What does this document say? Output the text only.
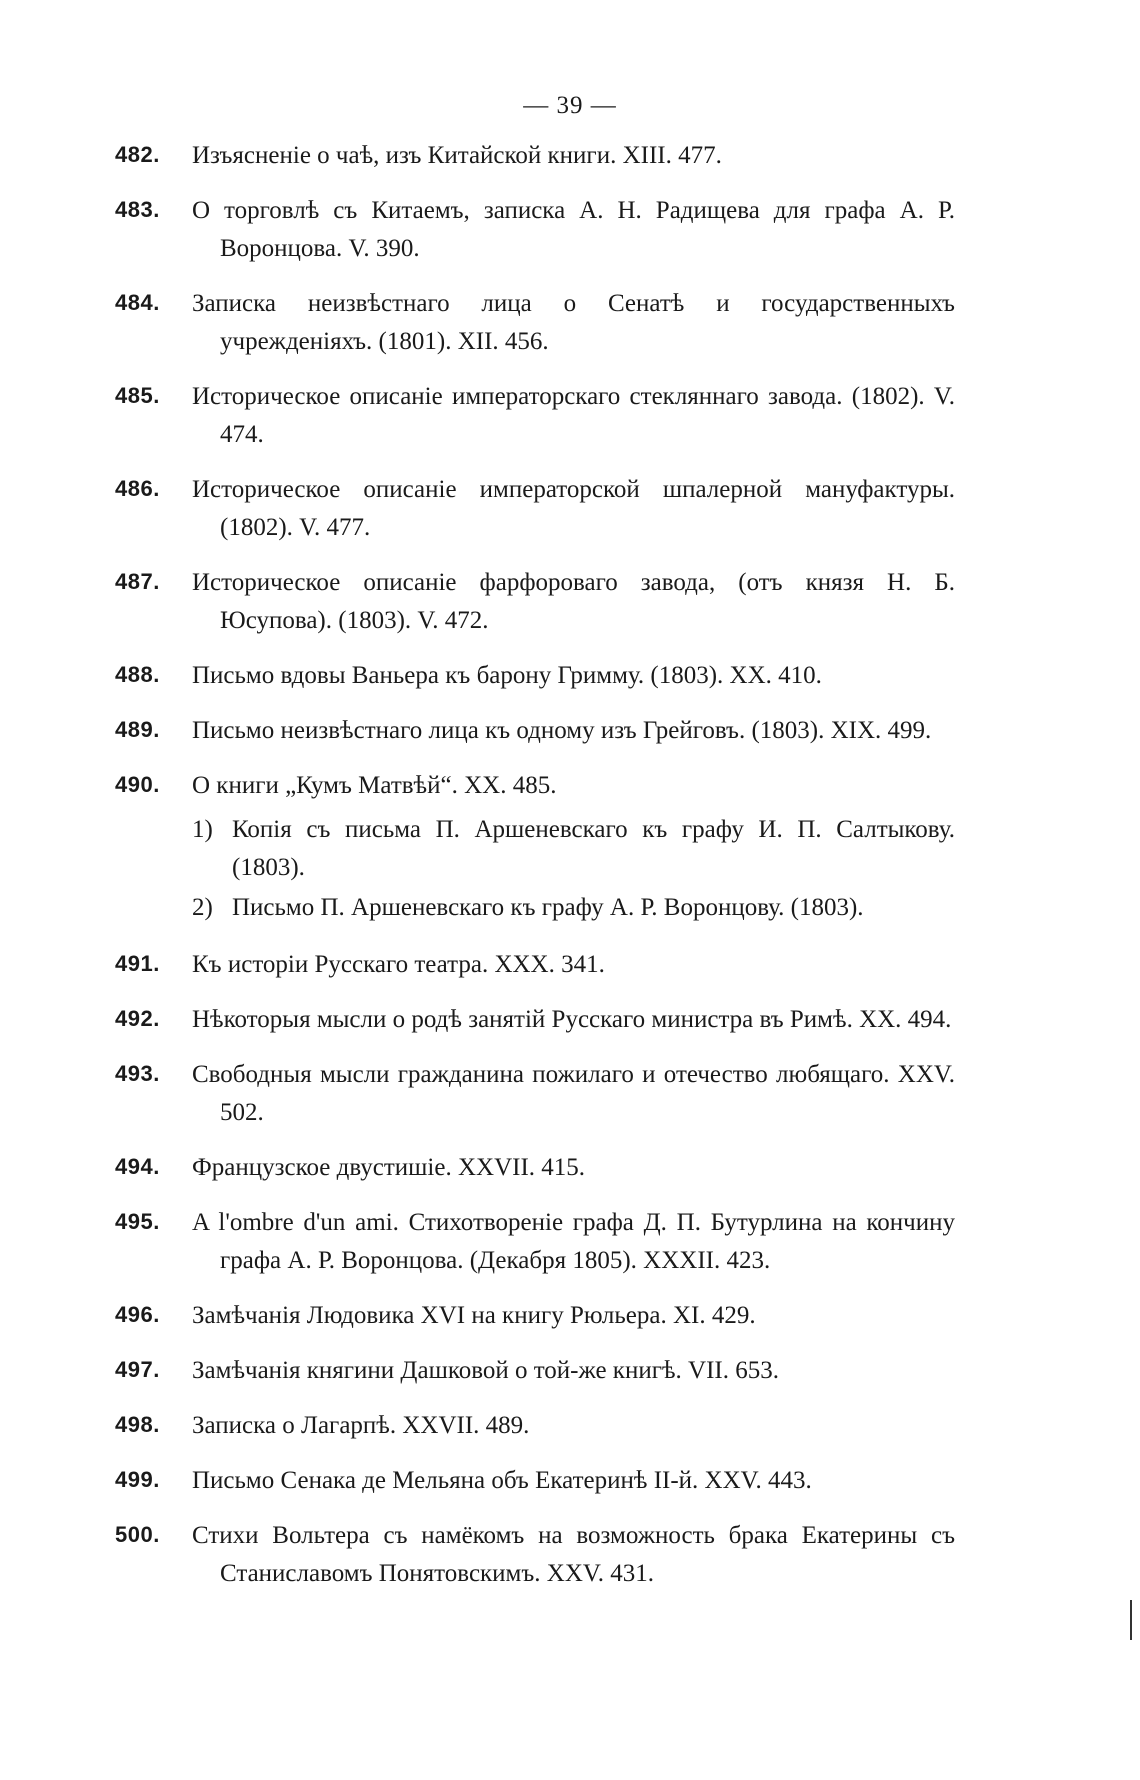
— 39 —
482.	Изъясненіе о чаѣ, изъ Китайской книги. XIII. 477.
483.	О торговлѣ съ Китаемъ, записка А. Н. Радищева для графа А. Р. Воронцова. V. 390.
484.	Записка неизвѣстнаго лица о Сенатѣ и государственныхъ учрежденіяхъ. (1801). XII. 456.
485.	Историческое описаніе императорскаго стекляннаго завода. (1802). V. 474.
486.	Историческое описаніе императорской шпалерной мануфактуры. (1802). V. 477.
487.	Историческое описаніе фарфороваго завода, (отъ князя Н. Б. Юсупова). (1803). V. 472.
488.	Письмо вдовы Ваньера къ барону Гримму. (1803). XX. 410.
489.	Письмо неизвѣстнаго лица къ одному изъ Грейговъ. (1803). XIX. 499.
490.	О книги „Кумъ Матвѣй“. XX. 485.
1) Копія съ письма П. Аршеневскаго къ графу И. П. Салтыкову. (1803).
2) Письмо П. Аршеневскаго къ графу А. Р. Воронцову. (1803).
491.	Къ исторіи Русскаго театра. XXX. 341.
492.	Нѣкоторыя мысли о родѣ занятій Русскаго министра въ Римѣ. XX. 494.
493.	Свободныя мысли гражданина пожилаго и отечество любящаго. XXV. 502.
494.	Французское двустишіе. XXVII. 415.
495.	A l'ombre d'un ami. Стихотвореніе графа Д. П. Бутурлина на кончину графа А. Р. Воронцова. (Декабря 1805). XXXII. 423.
496.	Замѣчанія Людовика XVI на книгу Рюльера. XI. 429.
497.	Замѣчанія княгини Дашковой о той-же книгѣ. VII. 653.
498.	Записка о Лагарпѣ. XXVII. 489.
499.	Письмо Сенака де Мельяна объ Екатеринѣ II-й. XXV. 443.
500.	Стихи Вольтера съ намёкомъ на возможность брака Екатерины съ Станиславомъ Понятовскимъ. XXV. 431.
